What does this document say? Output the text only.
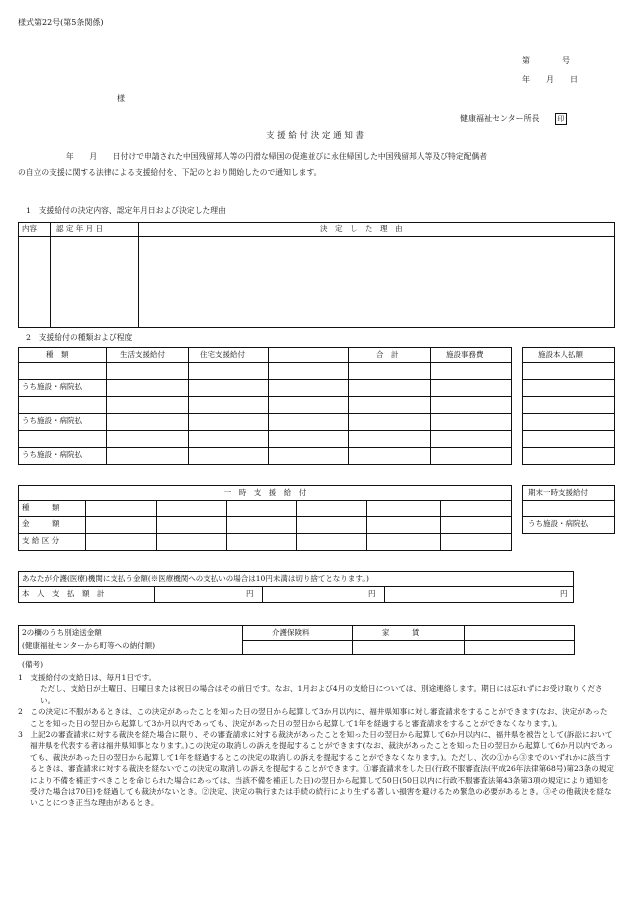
様式第22号(第5条関係)
第　　　　号
年　　月　　日
様
健康福祉センター所長	印
支 援 給 付 決 定 通 知 書
年　　月　　日付けで申請された中国残留邦人等の円滑な帰国の促進並びに永住帰国した中国残留邦人等及び特定配偶者
の自立の支援に関する法律による支援給付を、下記のとおり開始したので通知します。
1　支援給付の決定内容、認定年月日および決定した理由
内容	認 定 年 月 日	決　定　し　た　理　由
2　支援給付の種類および程度
種　類	生活支援給付	住宅支援給付	合　計	施設事務費
うち施設・病院払
うち施設・病院払
うち施設・病院払
施設本人払額
一　時　支　援　給　付
種　　　類
金　　　額
支 給 区 分
期末一時支援給付
うち施設・病院払
あなたが介護(医療)機関に支払う金額(※医療機関への支払いの場合は10円未満は切り捨てとなります。)
本　人　支　払　額　計	円	円	円
2の欄のうち別途送金額
(健康福祉センターから町等への納付額)
介護保険料	家　　　賃
(備考)
1　支援給付の支給日は、毎月1日です。
ただし、支給日が土曜日、日曜日または祝日の場合はその前日です。なお、1月および4月の支給日については、別途連絡します。期日には忘れずにお受け取りください。
2　この決定に不服があるときは、この決定があったことを知った日の翌日から起算して3か月以内に、福井県知事に対し審査請求をすることができます(なお、決定があったことを知った日の翌日から起算して3か月以内であっても、決定があった日の翌日から起算して1年を経過すると審査請求をすることができなくなります。)。
3　上記2の審査請求に対する裁決を経た場合に限り、その審査請求に対する裁決があったことを知った日の翌日から起算して6か月以内に、福井県を被告として(訴訟において福井県を代表する者は福井県知事となります。)この決定の取消しの訴えを提起することができます(なお、裁決があったことを知った日の翌日から起算して6か月以内であっても、裁決があった日の翌日から起算して1年を経過するとこの決定の取消しの訴えを提起することができなくなります。)。ただし、次の①から③までのいずれかに該当するときは、審査請求に対する裁決を経ないでこの決定の取消しの訴えを提起することができます。①審査請求をした日(行政不服審査法(平成26年法律第68号)第23条の規定により不備を補正すべきことを命じられた場合にあっては、当該不備を補正した日)の翌日から起算して50日(50日以内に行政不服審査法第43条第3項の規定により通知を受けた場合は70日)を経過しても裁決がないとき。②決定、決定の執行または手続の続行により生ずる著しい損害を避けるため緊急の必要があるとき。③その他裁決を経ないことにつき正当な理由があるとき。
